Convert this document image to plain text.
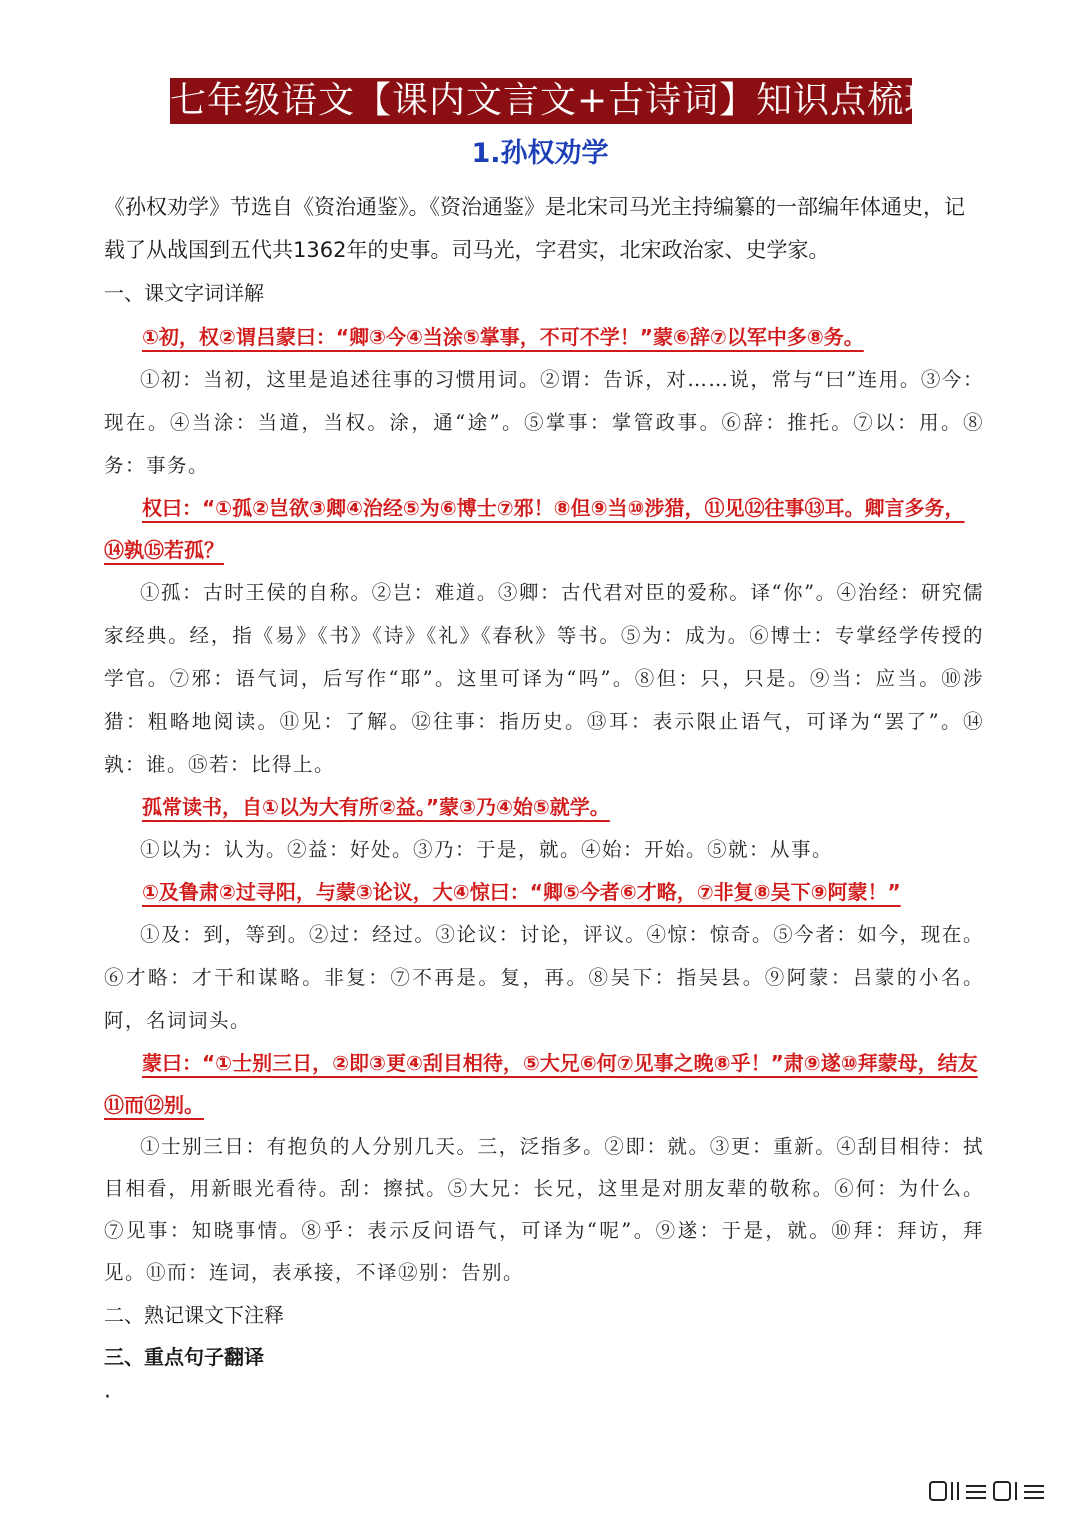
七年级语文【课内文言文+古诗词】知识点梳理
1.孙权劝学

《孙权劝学》节选自《资治通鉴》。《资治通鉴》是北宋司马光主持编纂的一部编年体通史，记载了从战国到五代共1362年的史事。司马光，字君实，北宋政治家、史学家。

一、课文字词详解

①初，权②谓吕蒙曰：“卿③今④当涂⑤掌事，不可不学！”蒙⑥辞⑦以军中多⑧务。

①初：当初，这里是追述往事的习惯用词。②谓：告诉，对……说，常与“曰”连用。③今：现在。④当涂：当道，当权。涂，通“途”。⑤掌事：掌管政事。⑥辞：推托。⑦以：用。⑧务：事务。

权曰：“①孤②岂欲③卿④治经⑤为⑥博士⑦邪！⑧但⑨当⑩涉猎，⑪见⑫往事⑬耳。卿言多务，⑭孰⑮若孤？

①孤：古时王侯的自称。②岂：难道。③卿：古代君对臣的爱称。译“你”。④治经：研究儒家经典。经，指《易》《书》《诗》《礼》《春秋》等书。⑤为：成为。⑥博士：专掌经学传授的学官。⑦邪：语气词，后写作“耶”。这里可译为“吗”。⑧但：只，只是。⑨当：应当。⑩涉猎：粗略地阅读。⑪见：了解。⑫往事：指历史。⑬耳：表示限止语气，可译为“罢了”。⑭孰：谁。⑮若：比得上。

孤常读书，自①以为大有所②益。”蒙③乃④始⑤就学。

①以为：认为。②益：好处。③乃：于是，就。④始：开始。⑤就：从事。

①及鲁肃②过寻阳，与蒙③论议，大④惊曰：“卿⑤今者⑥才略，⑦非复⑧吴下⑨阿蒙！”

①及：到，等到。②过：经过。③论议：讨论，评议。④惊：惊奇。⑤今者：如今，现在。⑥才略：才干和谋略。非复：⑦不再是。复，再。⑧吴下：指吴县。⑨阿蒙：吕蒙的小名。阿，名词词头。

蒙曰：“①士别三日，②即③更④刮目相待，⑤大兄⑥何⑦见事之晚⑧乎！”肃⑨遂⑩拜蒙母，结友⑪而⑫别。

①士别三日：有抱负的人分别几天。三，泛指多。②即：就。③更：重新。④刮目相待：拭目相看，用新眼光看待。刮：擦拭。⑤大兄：长兄，这里是对朋友辈的敬称。⑥何：为什么。⑦见事：知晓事情。⑧乎：表示反问语气，可译为“呢”。⑨遂：于是，就。⑩拜：拜访，拜见。⑪而：连词，表承接，不译⑫别：告别。

二、熟记课文下注释

三、重点句子翻译

·
